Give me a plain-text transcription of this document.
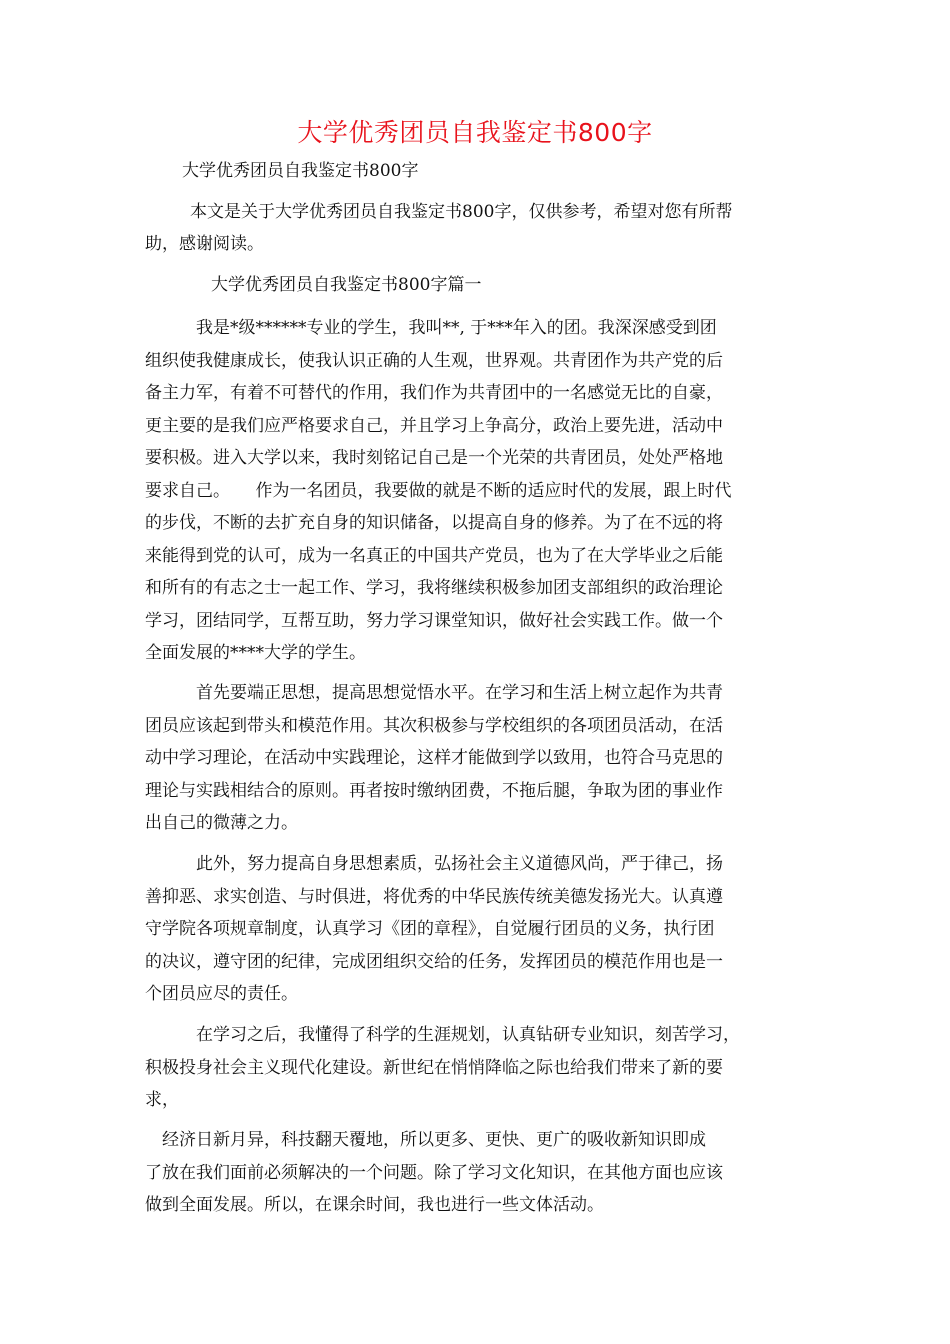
大学优秀团员自我鉴定书800字
大学优秀团员自我鉴定书800字

本文是关于大学优秀团员自我鉴定书800字，仅供参考，希望对您有所帮

助，感谢阅读。

大学优秀团员自我鉴定书800字篇一

　　　我是*级******专业的学生，我叫**, 于***年入的团。我深深感受到团

组织使我健康成长，使我认识正确的人生观，世界观。共青团作为共产党的后

备主力军，有着不可替代的作用，我们作为共青团中的一名感觉无比的自豪，

更主要的是我们应严格要求自己，并且学习上争高分，政治上要先进，活动中

要积极。进入大学以来，我时刻铭记自己是一个光荣的共青团员，处处严格地

要求自己。　　作为一名团员，我要做的就是不断的适应时代的发展，跟上时代

的步伐，不断的去扩充自身的知识储备，以提高自身的修养。为了在不远的将

来能得到党的认可，成为一名真正的中国共产党员，也为了在大学毕业之后能

和所有的有志之士一起工作、学习，我将继续积极参加团支部组织的政治理论

学习，团结同学，互帮互助，努力学习课堂知识，做好社会实践工作。做一个

全面发展的****大学的学生。

　　　首先要端正思想，提高思想觉悟水平。在学习和生活上树立起作为共青

团员应该起到带头和模范作用。其次积极参与学校组织的各项团员活动，在活

动中学习理论，在活动中实践理论，这样才能做到学以致用，也符合马克思的

理论与实践相结合的原则。再者按时缴纳团费，不拖后腿，争取为团的事业作

出自己的微薄之力。

　　　此外，努力提高自身思想素质，弘扬社会主义道德风尚，严于律己，扬

善抑恶、求实创造、与时俱进，将优秀的中华民族传统美德发扬光大。认真遵

守学院各项规章制度，认真学习《团的章程》，自觉履行团员的义务，执行团

的决议，遵守团的纪律，完成团组织交给的任务，发挥团员的模范作用也是一

个团员应尽的责任。

　　　在学习之后，我懂得了科学的生涯规划，认真钻研专业知识，刻苦学习，

积极投身社会主义现代化建设。新世纪在悄悄降临之际也给我们带来了新的要

求，

　经济日新月异，科技翻天覆地，所以更多、更快、更广的吸收新知识即成

了放在我们面前必须解决的一个问题。除了学习文化知识，在其他方面也应该

做到全面发展。所以，在课余时间，我也进行一些文体活动。
